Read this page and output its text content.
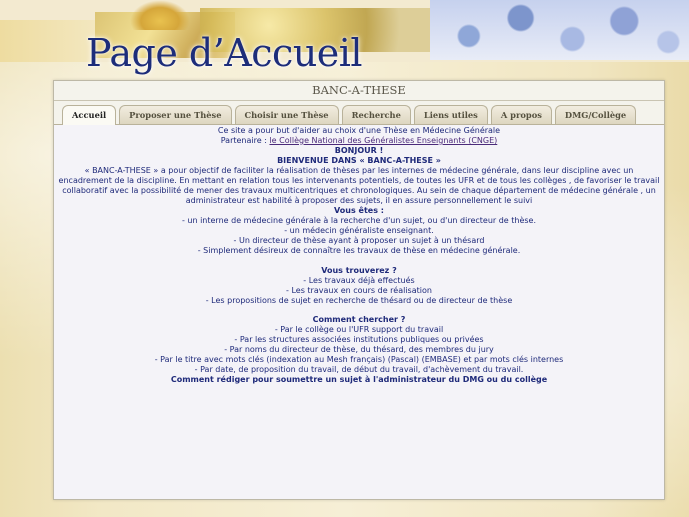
Page d’Accueil
BANC-A-THESE
Accueil	Proposer une Thèse	Choisir une Thèse	Recherche	Liens utiles	A propos	DMG/Collège

Ce site a pour but d'aider au choix d'une Thèse en Médecine Générale

Partenaire : le Collège National des Généralistes Enseignants (CNGE)

BONJOUR !

BIENVENUE DANS « BANC-A-THESE »

« BANC-A-THESE » a pour objectif de faciliter la réalisation de thèses par les internes de médecine générale, dans leur discipline avec un encadrement de la discipline. En mettant en relation tous les intervenants potentiels, de toutes les UFR et de tous les collèges , de favoriser le travail collaboratif avec la possibilité de mener des travaux multicentriques et chronologiques. Au sein de chaque département de médecine générale , un administrateur est habilité à proposer des sujets, il en assure personnellement le suivi

Vous êtes :

- un interne de médecine générale à la recherche d'un sujet, ou d'un directeur de thèse.

- un médecin généraliste enseignant.

- Un directeur de thèse ayant à proposer un sujet à un thésard

- Simplement désireux de connaître les travaux de thèse en médecine générale.

Vous trouverez ?

- Les travaux déjà effectués

- Les travaux en cours de réalisation

- Les propositions de sujet en recherche de thésard ou de directeur de thèse

Comment chercher ?

- Par le collège ou l'UFR support du travail

- Par les structures associées institutions publiques ou privées

- Par noms du directeur de thèse, du thésard, des membres du jury

- Par le titre avec mots clés (indexation au Mesh français) (Pascal) (EMBASE) et par mots clés internes

- Par date, de proposition du travail, de début du travail, d'achèvement du travail.

Comment rédiger pour soumettre un sujet à l'administrateur du DMG ou du collège
